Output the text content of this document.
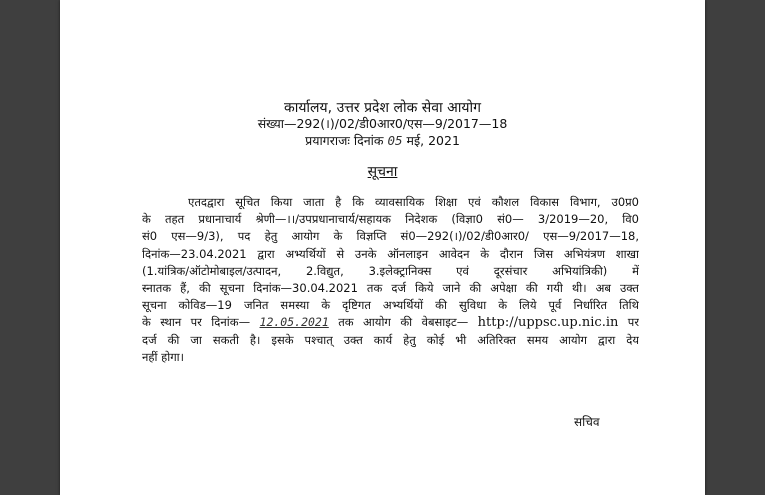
कार्यालय, उत्तर प्रदेश लोक सेवा आयोग
संख्या—292(।)/02/डी0आर0/एस—9/2017—18
प्रयागराजः दिनांक 05 मई, 2021
सूचना
एतदद्वारा सूचित किया जाता है कि व्यावसायिक शिक्षा एवं कौशल विकास विभाग, उ0प्र0
के तहत प्रधानाचार्य श्रेणी—।।/उपप्रधानाचार्य/सहायक निदेशक (विज्ञा0 सं0— 3/2019—20, वि0
सं0 एस—9/3), पद हेतु आयोग के विज्ञप्ति सं0—292(।)/02/डी0आर0/ एस—9/2017—18,
दिनांक—23.04.2021 द्वारा अभ्यर्थियों से उनके ऑनलाइन आवेदन के दौरान जिस अभियंत्रण शाखा
(1.यांत्रिक/ऑटोमोबाइल/उत्पादन, 2.विद्युत, 3.इलेक्ट्रानिक्स एवं दूरसंचार अभियांत्रिकी) में
स्नातक हैं, की सूचना दिनांक—30.04.2021 तक दर्ज किये जाने की अपेक्षा की गयी थी। अब उक्त
सूचना कोविड—19 जनित समस्या के दृष्टिगत अभ्यर्थियों की सुविधा के लिये पूर्व निर्धारित तिथि
के स्थान पर दिनांक— 12.05.2021 तक आयोग की वेबसाइट— http://uppsc.up.nic.in पर
दर्ज की जा सकती है। इसके पश्चात् उक्त कार्य हेतु कोई भी अतिरिक्त समय आयोग द्वारा देय
नहीं होगा।
सचिव
